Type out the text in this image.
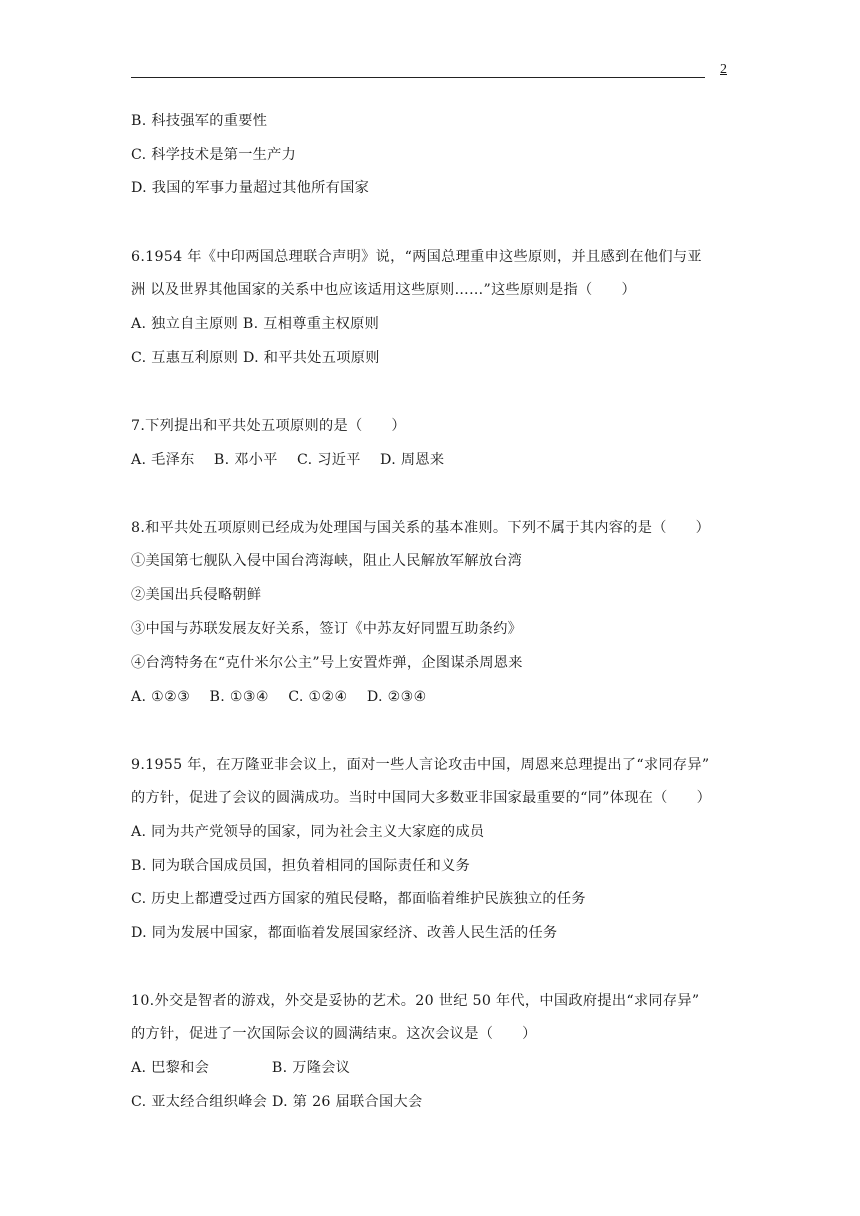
2
B. 科技强军的重要性
C. 科学技术是第一生产力
D. 我国的军事力量超过其他所有国家
6.1954 年《中印两国总理联合声明》说，“两国总理重申这些原则，并且感到在他们与亚
洲 以及世界其他国家的关系中也应该适用这些原则……”这些原则是指（　　）
A. 独立自主原则 B. 互相尊重主权原则
C. 互惠互利原则 D. 和平共处五项原则
7.下列提出和平共处五项原则的是（　　）
A. 毛泽东　 B. 邓小平　 C. 习近平　 D. 周恩来
8.和平共处五项原则已经成为处理国与国关系的基本准则。下列不属于其内容的是（　　）
①美国第七舰队入侵中国台湾海峡，阻止人民解放军解放台湾
②美国出兵侵略朝鲜
③中国与苏联发展友好关系，签订《中苏友好同盟互助条约》
④台湾特务在“克什米尔公主”号上安置炸弹，企图谋杀周恩来
A. ①②③　 B. ①③④　 C. ①②④　 D. ②③④
9.1955 年，在万隆亚非会议上，面对一些人言论攻击中国，周恩来总理提出了“求同存异”
的方针，促进了会议的圆满成功。当时中国同大多数亚非国家最重要的“同”体现在（　　）
A. 同为共产党领导的国家，同为社会主义大家庭的成员
B. 同为联合国成员国，担负着相同的国际责任和义务
C. 历史上都遭受过西方国家的殖民侵略，都面临着维护民族独立的任务
D. 同为发展中国家，都面临着发展国家经济、改善人民生活的任务
10.外交是智者的游戏，外交是妥协的艺术。20 世纪 50 年代，中国政府提出“求同存异”
的方针，促进了一次国际会议的圆满结束。这次会议是（　　）
A. 巴黎和会　　　　 B. 万隆会议
C. 亚太经合组织峰会 D. 第 26 届联合国大会
